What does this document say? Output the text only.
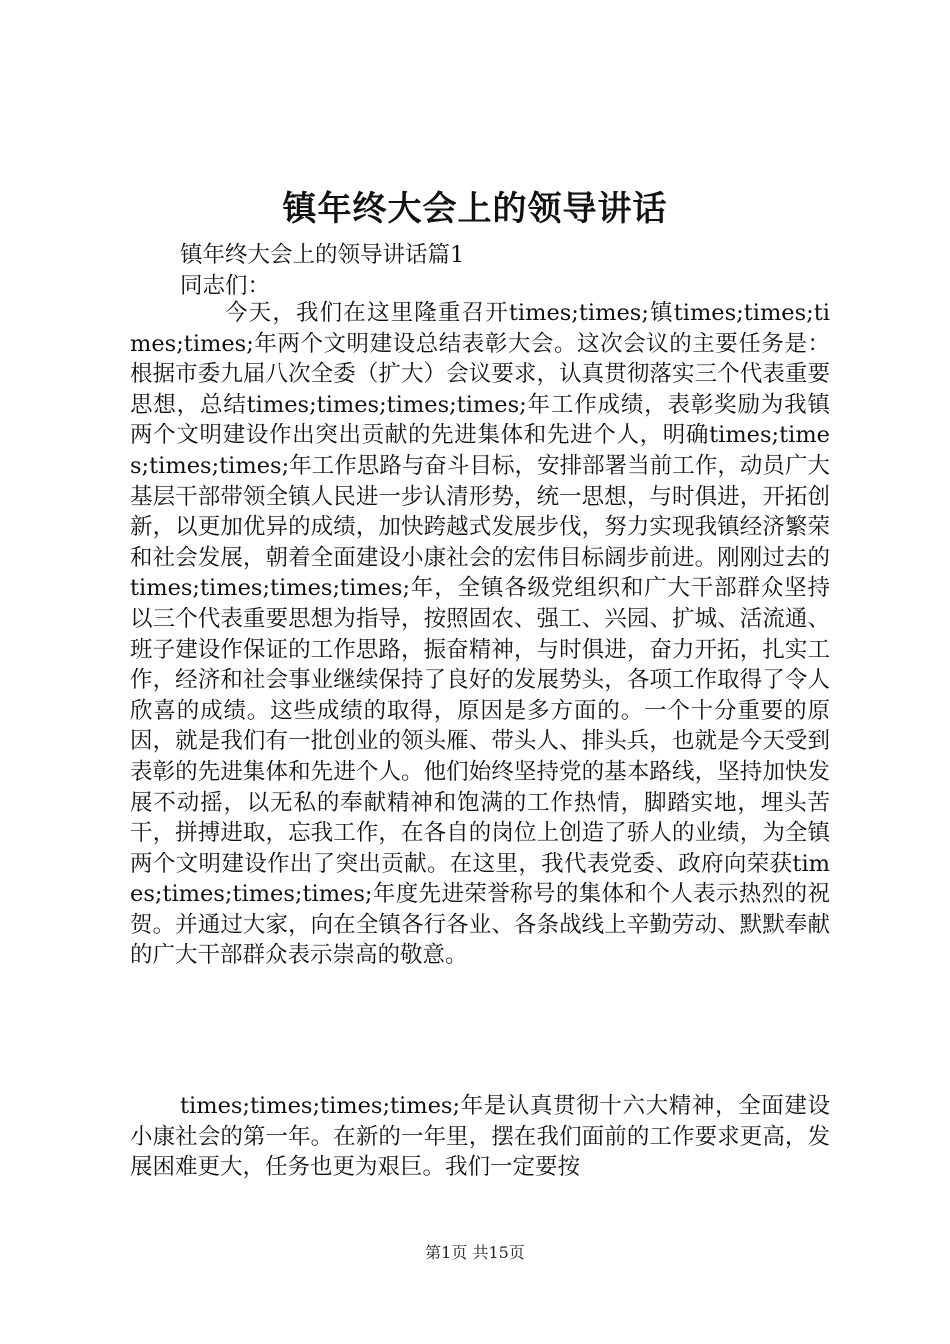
镇年终大会上的领导讲话
镇年终大会上的领导讲话篇1
同志们：
今天，我们在这里隆重召开times;times;镇times;times;times;times;年两个文明建设总结表彰大会。这次会议的主要任务是：根据市委九届八次全委（扩大）会议要求，认真贯彻落实三个代表重要思想，总结times;times;times;times;年工作成绩，表彰奖励为我镇两个文明建设作出突出贡献的先进集体和先进个人，明确times;times;times;times;年工作思路与奋斗目标，安排部署当前工作，动员广大基层干部带领全镇人民进一步认清形势，统一思想，与时俱进，开拓创新，以更加优异的成绩，加快跨越式发展步伐，努力实现我镇经济繁荣和社会发展，朝着全面建设小康社会的宏伟目标阔步前进。刚刚过去的times;times;times;times;年，全镇各级党组织和广大干部群众坚持以三个代表重要思想为指导，按照固农、强工、兴园、扩城、活流通、班子建设作保证的工作思路，振奋精神，与时俱进，奋力开拓，扎实工作，经济和社会事业继续保持了良好的发展势头，各项工作取得了令人欣喜的成绩。这些成绩的取得，原因是多方面的。一个十分重要的原因，就是我们有一批创业的领头雁、带头人、排头兵，也就是今天受到表彰的先进集体和先进个人。他们始终坚持党的基本路线，坚持加快发展不动摇，以无私的奉献精神和饱满的工作热情，脚踏实地，埋头苦干，拼搏进取，忘我工作，在各自的岗位上创造了骄人的业绩，为全镇两个文明建设作出了突出贡献。在这里，我代表党委、政府向荣获times;times;times;times;年度先进荣誉称号的集体和个人表示热烈的祝贺。并通过大家，向在全镇各行各业、各条战线上辛勤劳动、默默奉献的广大干部群众表示崇高的敬意。
times;times;times;times;年是认真贯彻十六大精神，全面建设小康社会的第一年。在新的一年里，摆在我们面前的工作要求更高，发展困难更大，任务也更为艰巨。我们一定要按
第1页 共15页
